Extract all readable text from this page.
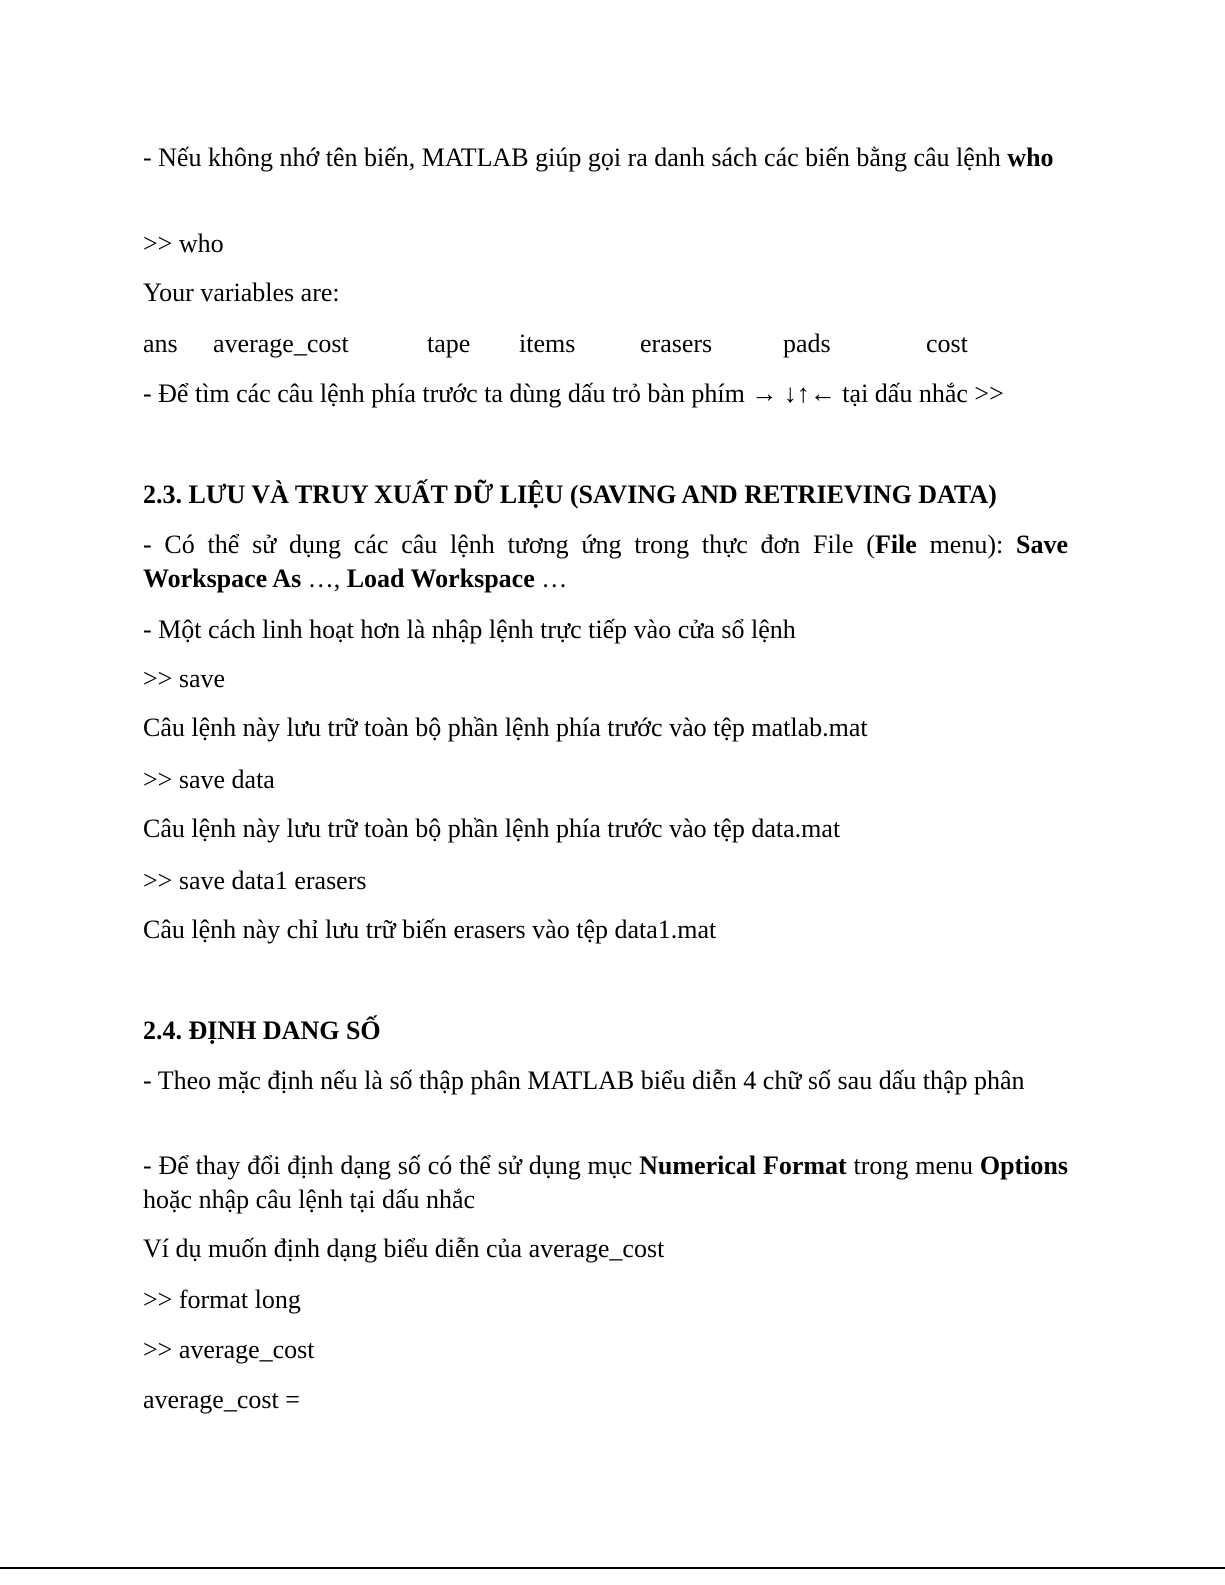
- Nếu không nhớ tên biến, MATLAB giúp gọi ra danh sách các biến bằng câu lệnh who
>> who
Your variables are:
ans average_cost	tape items erasers	pads	cost
- Để tìm các câu lệnh phía trước ta dùng dấu trỏ bàn phím → ↓↑← tại dấu nhắc >>
2.3. LƯU VÀ TRUY XUẤT DỮ LIỆU (SAVING AND RETRIEVING DATA)
- Có thể sử dụng các câu lệnh tương ứng trong thực đơn File (File menu): Save Workspace As …, Load Workspace …
- Một cách linh hoạt hơn là nhập lệnh trực tiếp vào cửa sổ lệnh
>> save
Câu lệnh này lưu trữ toàn bộ phần lệnh phía trước vào tệp matlab.mat
>> save data
Câu lệnh này lưu trữ toàn bộ phần lệnh phía trước vào tệp data.mat
>> save data1 erasers
Câu lệnh này chỉ lưu trữ biến erasers vào tệp data1.mat
2.4. ĐỊNH DANG SỐ
- Theo mặc định nếu là số thập phân MATLAB biểu diễn 4 chữ số sau dấu thập phân
- Để thay đổi định dạng số có thể sử dụng mục Numerical Format trong menu Options hoặc nhập câu lệnh tại dấu nhắc
Ví dụ muốn định dạng biểu diễn của average_cost
>> format long
>> average_cost
average_cost =
